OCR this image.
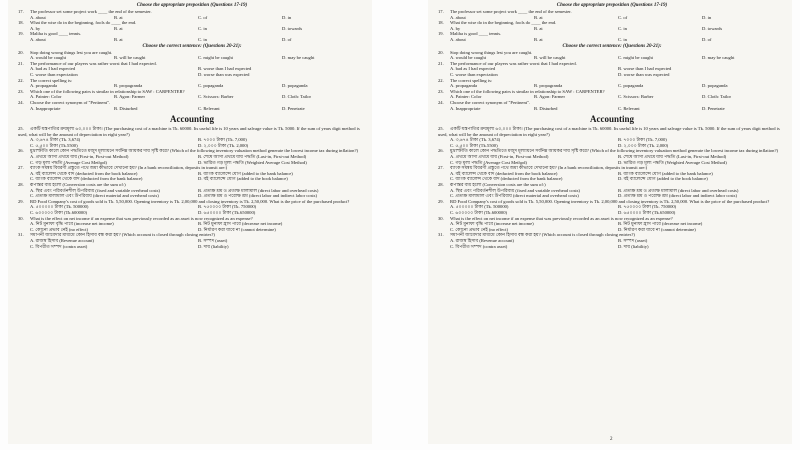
Choose the appropriate preposition (Questions 17-19)
17. The professor set some project work ____ the end of the semester.
A. about	B. at	C. of	D. in
18. What the wise do in the beginning, fools do ____ the end.
A. by	B. at	C. in	D. towards
19. Maliha is good ____ tennis.
A. about	B. at	C. in	D. of
Choose the correct sentence: (Questions 20-21):
20. Stop doing wrong things lest you are caught.
A. would be caught	B. will be caught	C. might be caught	D. may be caught
21. The performance of our players was rather worst that I had expected.
A. bad as I had expected	B. worse than I had expected
C. worse than expectation	D. worse than was expected
22. The correct spelling is:
A. propaganda	B. propagranda	C. popaganda	D. popaganda
23. Which one of the following pairs is similar in relationship to SAW : CARPENTER?
A. Painter: Color	B. Agon: Farmer	C. Scissors: Barber	D. Cloth: Tailor
24. Choose the correct synonym of "Pertinent".
A. Inappropriate	B. Disturbed	C. Relevant	D. Penetrate
Accounting
25. একটি যন্ত্রপাতির ক্রয়মূল্য ৬০,০০০ টাকা। (The purchasing cost of a machine is Tk. 60000. Its useful life is 10 years and salvage value is Tk. 5000. If the sum of years digit method is used, what will be the amount of depreciation in eight year?)
A. ৩,৬৭৪ টাকা (Tk. 3,674)	B. ৭০০০ টাকা (Tk. 7,000)
C. ৫,৫০০ টাকা (Tk.5500)	D. ২,০০০ টাকা (Tk. 2,000)
26. মুদ্রাস্ফীতি কালে কোন পদ্ধতিতে মজুদ মূল্যায়নে সর্বনিম্ন আয়কর দায় সৃষ্টি করে? (Which of the following inventory valuation method generate the lowest income tax during inflation?)
A. প্রথমে আসা প্রথমে যায় (First-in, First-out Method)	B. শেষে আসা প্রথমে যায় পদ্ধতি (Last-in, First-out Method)
C. গড় মূল্য পদ্ধতি (Average Cost Method)	D. ভারিত গড় মূল্য পদ্ধতি (Weighted Average Cost Method)
27. ব্যাংক সমন্বয় বিবরণী প্রস্তুতে পথে জমা কীভাবে দেখানো হয়? (In a bank reconciliation, deposits in transit are:)
A. বই ব্যালেন্স থেকে বাদ (deducted from the book balance)	B. ব্যাংক ব্যালেন্সে যোগ (added to the bank balance)
C. ব্যাংক ব্যালেন্স থেকে বাদ (deducted from the bank balance)	D. বই ব্যালেন্সে যোগ (added to the book balance)
28. রূপান্তর ব্যয় হলো (Conversion costs are the sum of:)
A. স্থির এবং পরিবর্তনশীল উপরিব্যয় (fixed and variable overhead costs)	B. প্রত্যক্ষ শ্রম ও প্রত্যক্ষ মালামাল (direct labor and overhead costs)
C. প্রত্যক্ষ মালামাল এবং উপরিব্যয় (direct material and overhead costs)	D. প্রত্যক্ষ শ্রম ও পরোক্ষ শ্রম (direct labor and indirect labor costs)
29. RD Food Company's cost of goods sold is Tk. 5,50,000. Opening inventory is Tk. 2,00,000 and closing inventory is Tk. 2,50,000. What is the price of the purchased product?
A. ৫০০০০০ টাকা (Tk. 500000)	B. ৭৫০০০০ টাকা (Tk. 750000)
C. ৬০০০০০ টাকা (Tk.600000)	D. ৬৫০০০০ টাকা (Tk.650000)
30. What is the effect on net income if an expense that was previously recorded as an asset is now recognized as an expense?
A. নিট মুনাফা বৃদ্ধি পাবে (increase net income)	B. নিট মুনাফা হ্রাস পাবে (decrease net income)
C. কোনো প্রভাব নেই (no effect)	D. নির্ধারণ করা যাবে না (cannot determine)
31. সমাপনী জাবেদার মাধ্যমে কোন হিসাব বন্ধ করা হয়? (Which account is closed through closing entries?)
A. রাজস্ব হিসাব (Revenue account)	B. সম্পদ (asset)
C. বিপরীত সম্পদ (contra asset)	D. দায় (liability)
Choose the appropriate preposition (Questions 17-19)
17. The professor set some project work ____ the end of the semester.
A. about	B. at	C. of	D. in
18. What the wise do in the beginning, fools do ____ the end.
A. by	B. at	C. in	D. towards
19. Maliha is good ____ tennis.
A. about	B. at	C. in	D. of
Choose the correct sentence: (Questions 20-21):
20. Stop doing wrong things lest you are caught.
A. would be caught	B. will be caught	C. might be caught	D. may be caught
21. The performance of our players was rather worst that I had expected.
A. bad as I had expected	B. worse than I had expected
C. worse than expectation	D. worse than was expected
22. The correct spelling is:
A. propaganda	B. propagranda	C. popaganda	D. popaganda
23. Which one of the following pairs is similar in relationship to SAW : CARPENTER?
A. Painter: Color	B. Agon: Farmer	C. Scissors: Barber	D. Cloth: Tailor
24. Choose the correct synonym of "Pertinent".
A. Inappropriate	B. Disturbed	C. Relevant	D. Penetrate
Accounting
25. একটি যন্ত্রপাতির ক্রয়মূল্য ৬০,০০০ টাকা। (The purchasing cost of a machine is Tk. 60000. Its useful life is 10 years and salvage value is Tk. 5000. If the sum of years digit method is used, what will be the amount of depreciation in eight year?)
A. ৩,৬৭৪ টাকা (Tk. 3,674)	B. ৭০০০ টাকা (Tk. 7,000)
C. ৫,৫০০ টাকা (Tk.5500)	D. ২,০০০ টাকা (Tk. 2,000)
26. মুদ্রাস্ফীতি কালে কোন পদ্ধতিতে মজুদ মূল্যায়নে সর্বনিম্ন আয়কর দায় সৃষ্টি করে? (Which of the following inventory valuation method generate the lowest income tax during inflation?)
A. প্রথমে আসা প্রথমে যায় (First-in, First-out Method)	B. শেষে আসা প্রথমে যায় পদ্ধতি (Last-in, First-out Method)
C. গড় মূল্য পদ্ধতি (Average Cost Method)	D. ভারিত গড় মূল্য পদ্ধতি (Weighted Average Cost Method)
27. ব্যাংক সমন্বয় বিবরণী প্রস্তুতে পথে জমা কীভাবে দেখানো হয়? (In a bank reconciliation, deposits in transit are:)
A. বই ব্যালেন্স থেকে বাদ (deducted from the book balance)	B. ব্যাংক ব্যালেন্সে যোগ (added to the bank balance)
C. ব্যাংক ব্যালেন্স থেকে বাদ (deducted from the bank balance)	D. বই ব্যালেন্সে যোগ (added to the book balance)
28. রূপান্তর ব্যয় হলো (Conversion costs are the sum of:)
A. স্থির এবং পরিবর্তনশীল উপরিব্যয় (fixed and variable overhead costs)	B. প্রত্যক্ষ শ্রম ও প্রত্যক্ষ মালামাল (direct labor and overhead costs)
C. প্রত্যক্ষ মালামাল এবং উপরিব্যয় (direct material and overhead costs)	D. প্রত্যক্ষ শ্রম ও পরোক্ষ শ্রম (direct labor and indirect labor costs)
29. RD Food Company's cost of goods sold is Tk. 5,50,000. Opening inventory is Tk. 2,00,000 and closing inventory is Tk. 2,50,000. What is the price of the purchased product?
A. ৫০০০০০ টাকা (Tk. 500000)	B. ৭৫০০০০ টাকা (Tk. 750000)
C. ৬০০০০০ টাকা (Tk.600000)	D. ৬৫০০০০ টাকা (Tk.650000)
30. What is the effect on net income if an expense that was previously recorded as an asset is now recognized as an expense?
A. নিট মুনাফা বৃদ্ধি পাবে (increase net income)	B. নিট মুনাফা হ্রাস পাবে (decrease net income)
C. কোনো প্রভাব নেই (no effect)	D. নির্ধারণ করা যাবে না (cannot determine)
31. সমাপনী জাবেদার মাধ্যমে কোন হিসাব বন্ধ করা হয়? (Which account is closed through closing entries?)
A. রাজস্ব হিসাব (Revenue account)	B. সম্পদ (asset)
C. বিপরীত সম্পদ (contra asset)	D. দায় (liability)
2
